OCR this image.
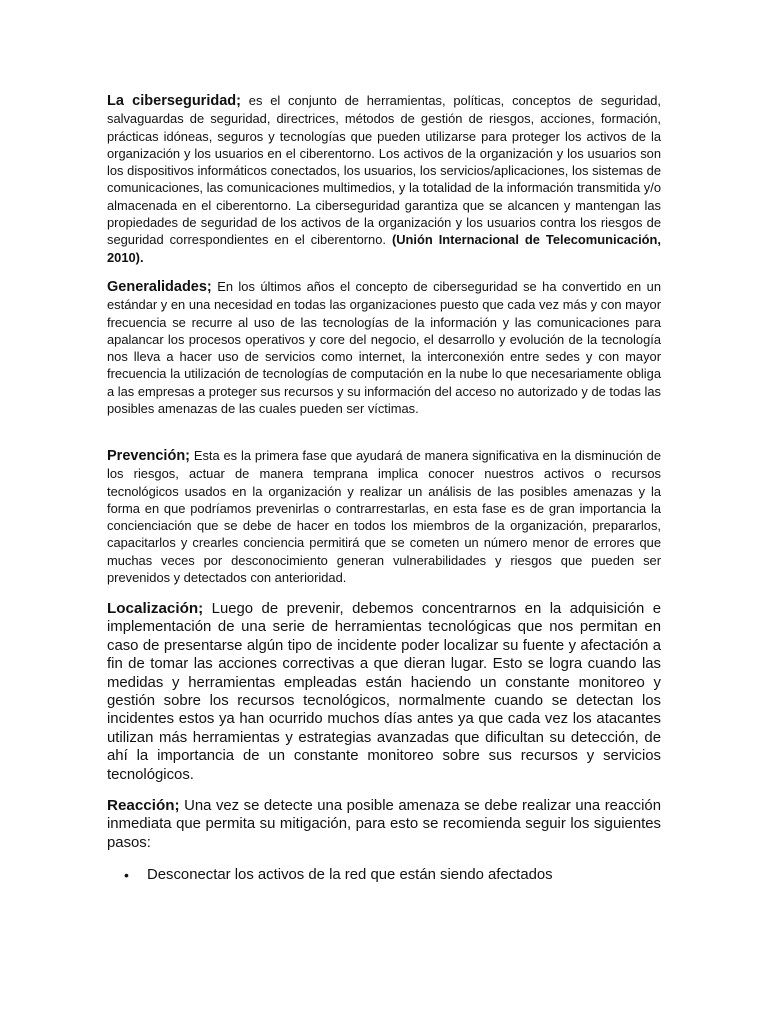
La ciberseguridad; es el conjunto de herramientas, políticas, conceptos de seguridad, salvaguardas de seguridad, directrices, métodos de gestión de riesgos, acciones, formación, prácticas idóneas, seguros y tecnologías que pueden utilizarse para proteger los activos de la organización y los usuarios en el ciberentorno. Los activos de la organización y los usuarios son los dispositivos informáticos conectados, los usuarios, los servicios/aplicaciones, los sistemas de comunicaciones, las comunicaciones multimedios, y la totalidad de la información transmitida y/o almacenada en el ciberentorno. La ciberseguridad garantiza que se alcancen y mantengan las propiedades de seguridad de los activos de la organización y los usuarios contra los riesgos de seguridad correspondientes en el ciberentorno. (Unión Internacional de Telecomunicación, 2010).

Generalidades; En los últimos años el concepto de ciberseguridad se ha convertido en un estándar y en una necesidad en todas las organizaciones puesto que cada vez más y con mayor frecuencia se recurre al uso de las tecnologías de la información y las comunicaciones para apalancar los procesos operativos y core del negocio, el desarrollo y evolución de la tecnología nos lleva a hacer uso de servicios como internet, la interconexión entre sedes y con mayor frecuencia la utilización de tecnologías de computación en la nube lo que necesariamente obliga a las empresas a proteger sus recursos y su información del acceso no autorizado y de todas las posibles amenazas de las cuales pueden ser víctimas.

Prevención; Esta es la primera fase que ayudará de manera significativa en la disminución de los riesgos, actuar de manera temprana implica conocer nuestros activos o recursos tecnológicos usados en la organización y realizar un análisis de las posibles amenazas y la forma en que podríamos prevenirlas o contrarrestarlas, en esta fase es de gran importancia la concienciación que se debe de hacer en todos los miembros de la organización, prepararlos, capacitarlos y crearles conciencia permitirá que se cometen un número menor de errores que muchas veces por desconocimiento generan vulnerabilidades y riesgos que pueden ser prevenidos y detectados con anterioridad.

Localización; Luego de prevenir, debemos concentrarnos en la adquisición e implementación de una serie de herramientas tecnológicas que nos permitan en caso de presentarse algún tipo de incidente poder localizar su fuente y afectación a fin de tomar las acciones correctivas a que dieran lugar. Esto se logra cuando las medidas y herramientas empleadas están haciendo un constante monitoreo y gestión sobre los recursos tecnológicos, normalmente cuando se detectan los incidentes estos ya han ocurrido muchos días antes ya que cada vez los atacantes utilizan más herramientas y estrategias avanzadas que dificultan su detección, de ahí la importancia de un constante monitoreo sobre sus recursos y servicios tecnológicos.

Reacción; Una vez se detecte una posible amenaza se debe realizar una reacción inmediata que permita su mitigación, para esto se recomienda seguir los siguientes pasos:

• Desconectar los activos de la red que están siendo afectados
